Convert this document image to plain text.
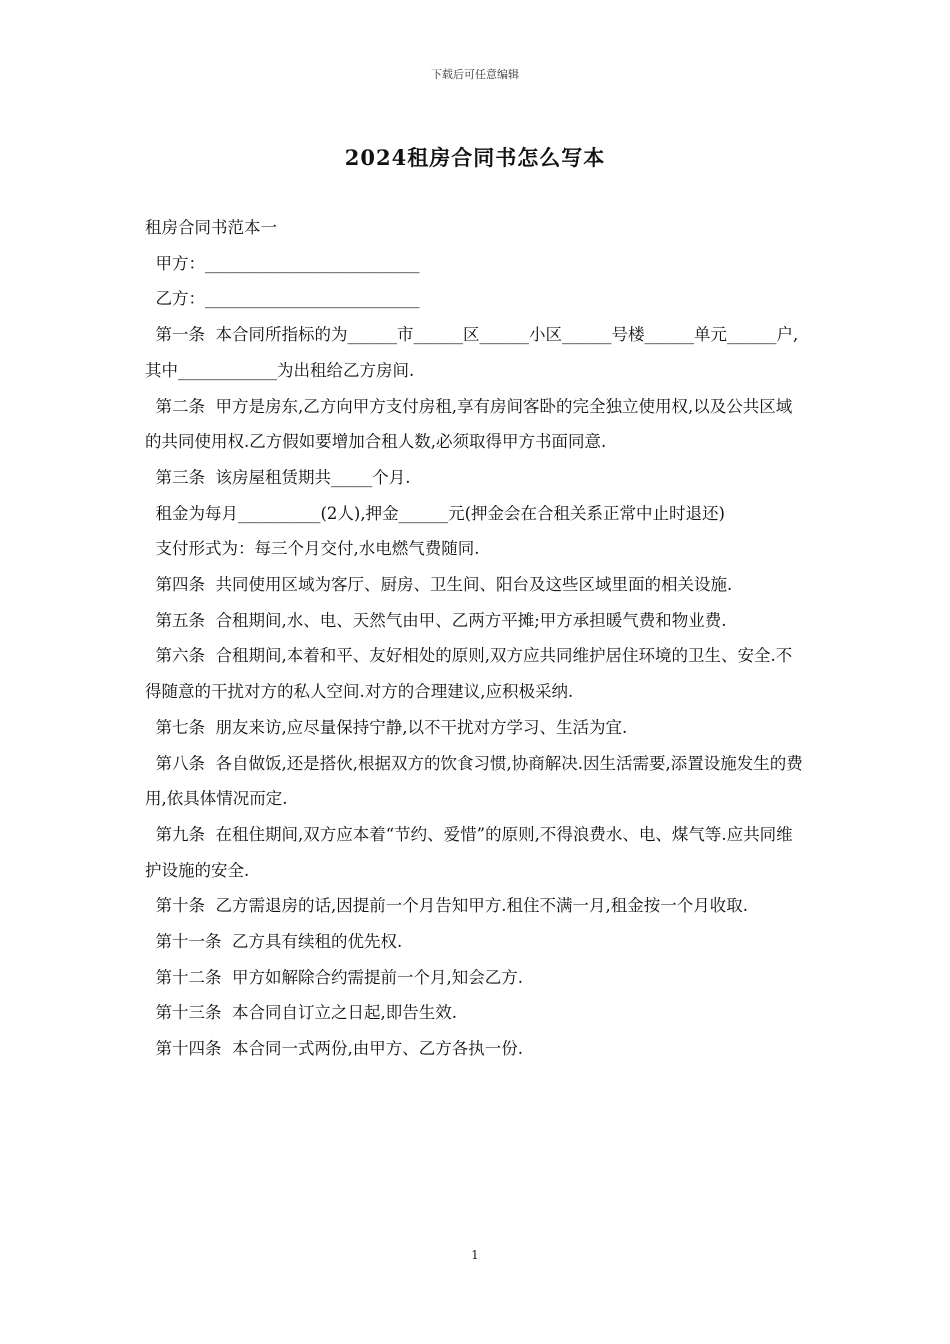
下载后可任意编辑
2024租房合同书怎么写本

租房合同书范本一

甲方：__________________________

乙方：__________________________

第一条  本合同所指标的为______市______区______小区______号楼______单元______户,其中____________为出租给乙方房间.

第二条  甲方是房东,乙方向甲方支付房租,享有房间客卧的完全独立使用权,以及公共区域的共同使用权.乙方假如要增加合租人数,必须取得甲方书面同意.

第三条  该房屋租赁期共_____个月.

租金为每月__________(2人),押金______元(押金会在合租关系正常中止时退还)

支付形式为：每三个月交付,水电燃气费随同.

第四条  共同使用区域为客厅、厨房、卫生间、阳台及这些区域里面的相关设施.

第五条  合租期间,水、电、天然气由甲、乙两方平摊;甲方承担暖气费和物业费.

第六条  合租期间,本着和平、友好相处的原则,双方应共同维护居住环境的卫生、安全.不得随意的干扰对方的私人空间.对方的合理建议,应积极采纳.

第七条  朋友来访,应尽量保持宁静,以不干扰对方学习、生活为宜.

第八条  各自做饭,还是搭伙,根据双方的饮食习惯,协商解决.因生活需要,添置设施发生的费用,依具体情况而定.

第九条  在租住期间,双方应本着“节约、爱惜”的原则,不得浪费水、电、煤气等.应共同维护设施的安全.

第十条  乙方需退房的话,因提前一个月告知甲方.租住不满一月,租金按一个月收取.

第十一条  乙方具有续租的优先权.

第十二条  甲方如解除合约需提前一个月,知会乙方.

第十三条  本合同自订立之日起,即告生效.

第十四条  本合同一式两份,由甲方、乙方各执一份.

1
